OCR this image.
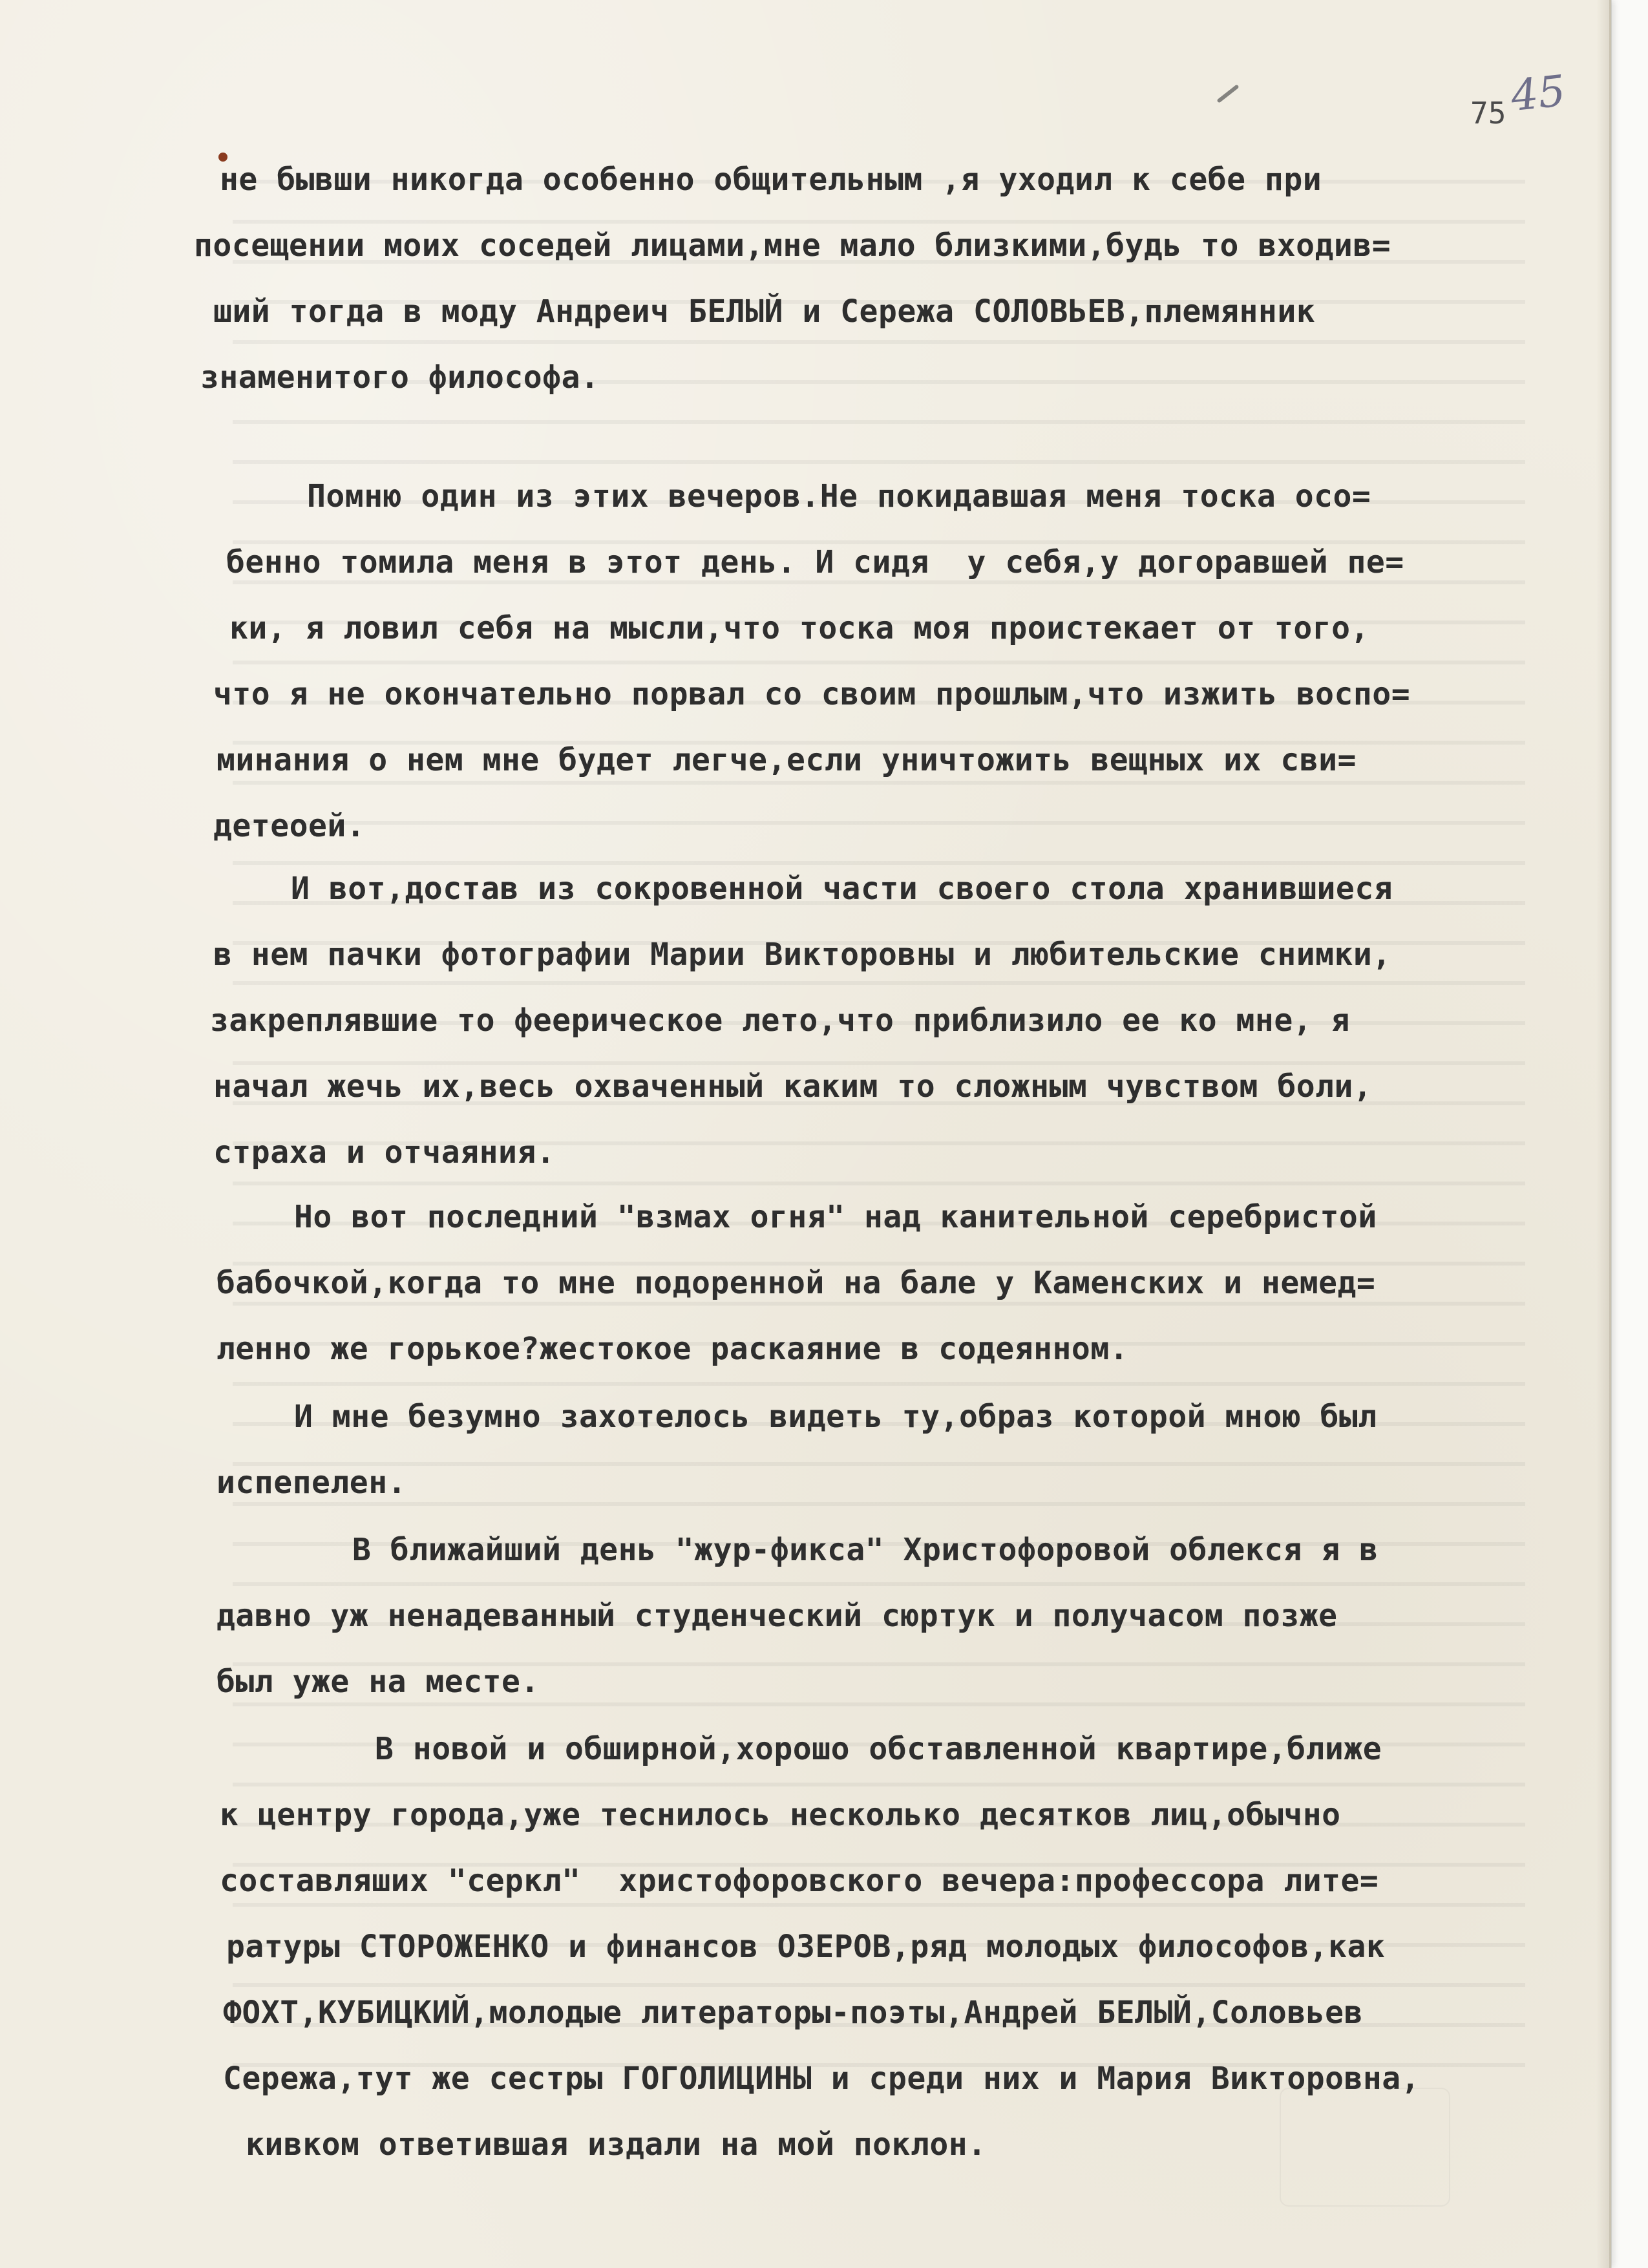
45
75
не бывши никогда особенно общительным ,я уходил к себе при
посещении моих соседей лицами,мне мало близкими,будь то входив=
ший тогда в моду Андреич БЕЛЫЙ и Сережа СОЛОВЬЕВ,племянник
знаменитого философа.
Помню один из этих вечеров.Не покидавшая меня тоска осо=
бенно томила меня в этот день. И сидя  у себя,у догоравшей пе=
ки, я ловил себя на мысли,что тоска моя проистекает от того,
что я не окончательно порвал со своим прошлым,что изжить воспо=
минания о нем мне будет легче,если уничтожить вещных их сви=
детеоей.
И вот,достав из сокровенной части своего стола хранившиеся
в нем пачки фотографии Марии Викторовны и любительские снимки,
закреплявшие то феерическое лето,что приблизило ее ко мне, я
начал жечь их,весь охваченный каким то сложным чувством боли,
страха и отчаяния.
Но вот последний "взмах огня" над канительной серебристой
бабочкой,когда то мне подоренной на бале у Каменских и немед=
ленно же горькое?жестокое раскаяние в содеянном.
И мне безумно захотелось видеть ту,образ которой мною был
испепелен.
В ближайший день "жур-фикса" Христофоровой облекся я в
давно уж ненадеванный студенческий сюртук и получасом позже
был уже на месте.
В новой и обширной,хорошо обставленной квартире,ближе
к центру города,уже теснилось несколько десятков лиц,обычно
составляших "серкл"  христофоровского вечера:профессора лите=
ратуры СТОРОЖЕНКО и финансов ОЗЕРОВ,ряд молодых философов,как
ФОХТ,КУБИЦКИЙ,молодые литераторы-поэты,Андрей БЕЛЫЙ,Соловьев
Сережа,тут же сестры ГОГОЛИЦИНЫ и среди них и Мария Викторовна,
кивком ответившая издали на мой поклон.
